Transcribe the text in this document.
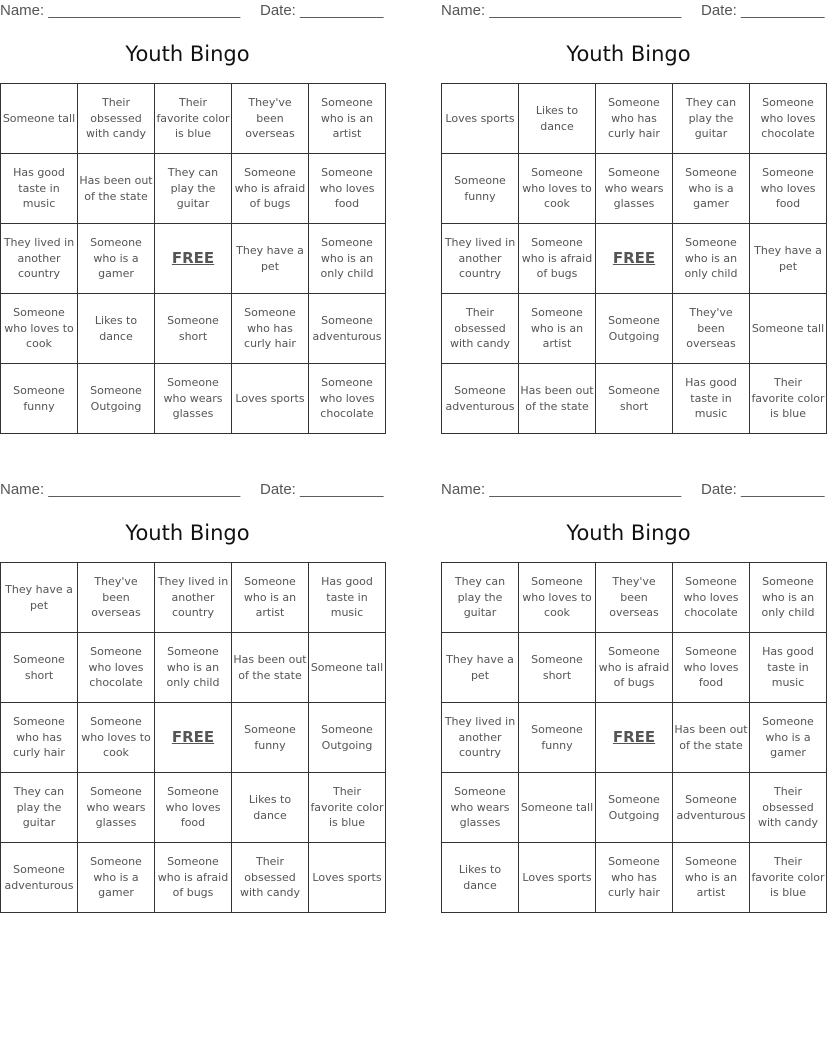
Name: _______________________ Date: __________
Youth Bingo
Someone tall	Their obsessed with candy	Their favorite color is blue	They've been overseas	Someone who is an artist
Has good taste in music	Has been out of the state	They can play the guitar	Someone who is afraid of bugs	Someone who loves food
They lived in another country	Someone who is a gamer	FREE	They have a pet	Someone who is an only child
Someone who loves to cook	Likes to dance	Someone short	Someone who has curly hair	Someone adventurous
Someone funny	Someone Outgoing	Someone who wears glasses	Loves sports	Someone who loves chocolate
Name: _______________________ Date: __________
Youth Bingo
Loves sports	Likes to dance	Someone who has curly hair	They can play the guitar	Someone who loves chocolate
Someone funny	Someone who loves to cook	Someone who wears glasses	Someone who is a gamer	Someone who loves food
They lived in another country	Someone who is afraid of bugs	FREE	Someone who is an only child	They have a pet
Their obsessed with candy	Someone who is an artist	Someone Outgoing	They've been overseas	Someone tall
Someone adventurous	Has been out of the state	Someone short	Has good taste in music	Their favorite color is blue
Name: _______________________ Date: __________
Youth Bingo
They have a pet	They've been overseas	They lived in another country	Someone who is an artist	Has good taste in music
Someone short	Someone who loves chocolate	Someone who is an only child	Has been out of the state	Someone tall
Someone who has curly hair	Someone who loves to cook	FREE	Someone funny	Someone Outgoing
They can play the guitar	Someone who wears glasses	Someone who loves food	Likes to dance	Their favorite color is blue
Someone adventurous	Someone who is a gamer	Someone who is afraid of bugs	Their obsessed with candy	Loves sports
Name: _______________________ Date: __________
Youth Bingo
They can play the guitar	Someone who loves to cook	They've been overseas	Someone who loves chocolate	Someone who is an only child
They have a pet	Someone short	Someone who is afraid of bugs	Someone who loves food	Has good taste in music
They lived in another country	Someone funny	FREE	Has been out of the state	Someone who is a gamer
Someone who wears glasses	Someone tall	Someone Outgoing	Someone adventurous	Their obsessed with candy
Likes to dance	Loves sports	Someone who has curly hair	Someone who is an artist	Their favorite color is blue
